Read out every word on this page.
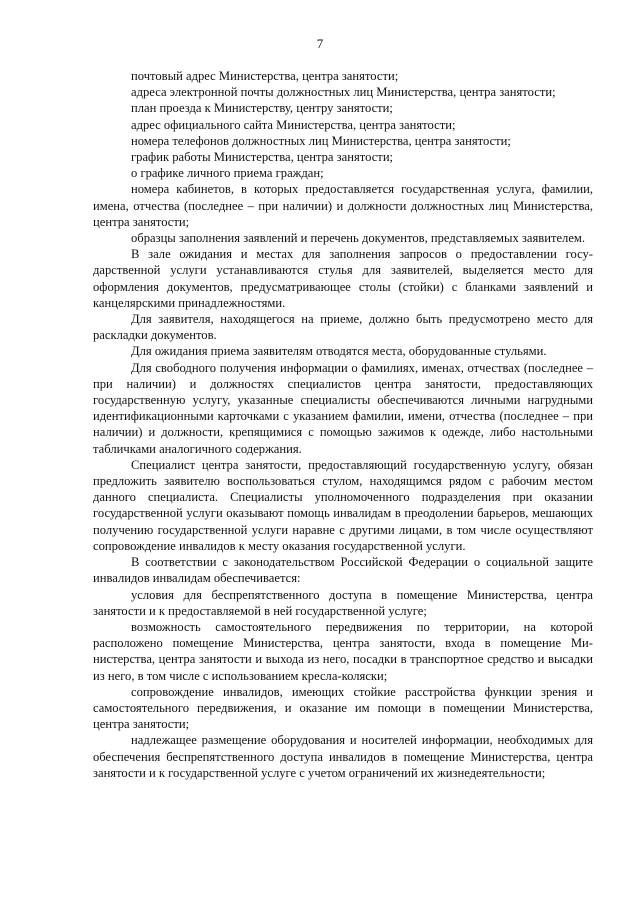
7

почтовый адрес Министерства, центра занятости;

адреса электронной почты должностных лиц Министерства, центра занятости;

план проезда к Министерству, центру занятости;

адрес официального сайта Министерства, центра занятости;

номера телефонов должностных лиц Министерства, центра занятости;

график работы Министерства, центра занятости;

о графике личного приема граждан;

номера кабинетов, в которых предоставляется государственная услуга, фамилии, имена, отчества (последнее – при наличии) и должности должностных лиц Министерства, центра занятости;

образцы заполнения заявлений и перечень документов, представляемых заявителем.

В зале ожидания и местах для заполнения запросов о предоставлении государственной услуги устанавливаются стулья для заявителей, выделяется место для оформления документов, предусматривающее столы (стойки) с бланками заявлений и канцелярскими принадлежностями.

Для заявителя, находящегося на приеме, должно быть предусмотрено место для раскладки документов.

Для ожидания приема заявителям отводятся места, оборудованные стульями.

Для свободного получения информации о фамилиях, именах, отчествах (последнее – при наличии) и должностях специалистов центра занятости, предоставляющих государственную услугу, указанные специалисты обеспечиваются личными нагрудными идентификационными карточками с указанием фамилии, имени, отчества (последнее – при наличии) и должности, крепящимися с помощью зажимов к одежде, либо настольными табличками аналогичного содержания.

Специалист центра занятости, предоставляющий государственную услугу, обязан предложить заявителю воспользоваться стулом, находящимся рядом с рабочим местом данного специалиста. Специалисты уполномоченного подразделения при оказании государственной услуги оказывают помощь инвалидам в преодолении барьеров, мешающих получению государственной услуги наравне с другими лицами, в том числе осуществляют сопровождение инвалидов к месту оказания государственной услуги.

В соответствии с законодательством Российской Федерации о социальной защите инвалидов инвалидам обеспечивается:

условия для беспрепятственного доступа в помещение Министерства, центра занятости и к предоставляемой в ней государственной услуге;

возможность самостоятельного передвижения по территории, на которой расположено помещение Министерства, центра занятости, входа в помещение Министерства, центра занятости и выхода из него, посадки в транспортное средство и высадки из него, в том числе с использованием кресла-коляски;

сопровождение инвалидов, имеющих стойкие расстройства функции зрения и самостоятельного передвижения, и оказание им помощи в помещении Министерства, центра занятости;

надлежащее размещение оборудования и носителей информации, необходимых для обеспечения беспрепятственного доступа инвалидов в помещение Министерства, центра занятости и к государственной услуге с учетом ограничений их жизнедеятельности;
